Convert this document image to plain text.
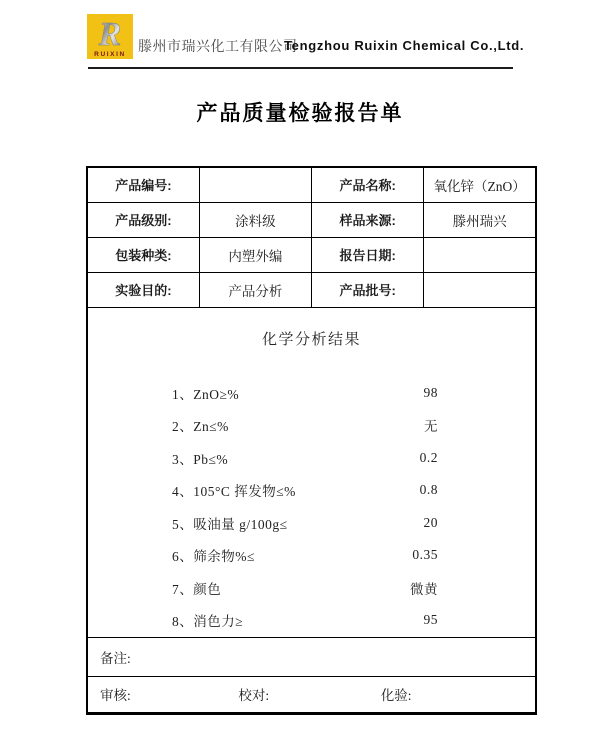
R
RUIXIN 滕州市瑞兴化工有限公司
Tengzhou Ruixin Chemical Co.,Ltd.
产品质量检验报告单
产品编号:		产品名称:	氧化锌（ZnO）
产品级别:	涂料级	样品来源:	滕州瑞兴
包装种类:	内塑外编	报告日期:	
实验目的:	产品分析	产品批号:	

化学分析结果
1、ZnO≥%	98
2、Zn≤%	无
3、Pb≤%	0.2
4、105°C 挥发物≤%	0.8
5、吸油量 g/100g≤	20
6、筛余物%≤	0.35
7、颜色	微黄
8、消色力≥	95

备注:			
审核: 校对: 化验:			
